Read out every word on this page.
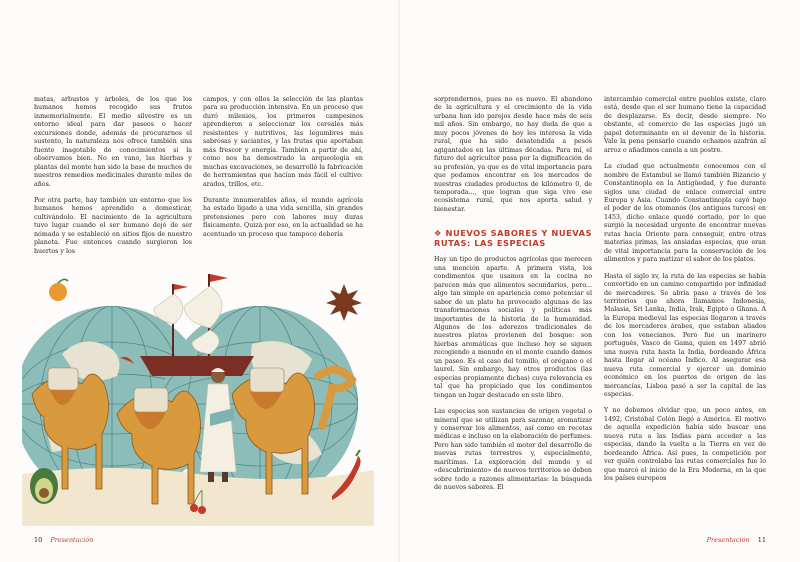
matas, arbustos y árboles, de los que los humanos hemos recogido sus frutos inmemorialmente. El medio silvestre es un entorno ideal para dar paseos o hacer excursiones donde, además de procurarnos el sustento, la naturaleza nos ofrece también una fuente inagotable de conocimientos si la observamos bien. No en vano, las hierbas y plantas del monte han sido la base de muchos de nuestros remedios medicinales durante miles de años.

Por otra parte, hay también un entorno que los humanos hemos aprendido a domesticar, cultivándolo. El nacimiento de la agricultura tuvo lugar cuando el ser humano dejó de ser nómada y se estableció en sitios fijos de nuestro planeta. Fue entonces cuando surgieron los huertos y los

campos, y con ellos la selección de las plantas para su producción intensiva. En un proceso que duró milenios, los primeros campesinos aprendieron a seleccionar los cereales más resistentes y nutritivos, las legumbres más sabrosas y saciantes, y las frutas que aportaban más frescor y energía. También a partir de ahí, como nos ha demostrado la arqueología en muchas excavaciones, se desarrolló la fabricación de herramientas que hacían más fácil el cultivo: arados, trillos, etc.

Durante innumerables años, el mundo agrícola ha estado ligado a una vida sencilla, sin grandes pretensiones pero con labores muy duras físicamente. Quizá por eso, en la actualidad se ha acentuado un proceso que tampoco debería

10 Presentación

sorprendernos, pues no es nuevo. El abandono de la agricultura y el crecimiento de la vida urbana han ido parejos desde hace más de seis mil años. Sin embargo, no hay duda de que a muy pocos jóvenes de hoy les interesa la vida rural, que ha sido desatendida a pesos agigantados en las últimas décadas. Para mí, el futuro del agricultor pasa por la dignificación de su profesión, ya que es de vital importancia para que podamos encontrar en los mercados de nuestras ciudades productos de kilómetro 0, de temporada..., que logran que siga vivo ese ecosistema rural, que nos aporta salud y bienestar.

❖ NUEVOS SABORES Y NUEVAS RUTAS: LAS ESPECIAS

Hay un tipo de productos agrícolas que merecen una mención aparte. A primera vista, los condimentos que usamos en la cocina no parecen más que alimentos secundarios, pero... algo tan simple en apariencia como potenciar el sabor de un plato ha provocado algunas de las transformaciones sociales y políticas más importantes de la historia de la humanidad. Algunos de los aderezos tradicionales de nuestros platos provienen del bosque: son hierbas aromáticas que incluso hoy se siguen recogiendo a menudo en el monte cuando damos un paseo. Es el caso del tomillo, el orégano o el laurel. Sin embargo, hay otros productos (las especias propiamente dichas) cuya relevancia es tal que ha propiciado que los condimentos tengan un lugar destacado en este libro.

Las especias son sustancias de origen vegetal o mineral que se utilizan para sazonar, aromatizar y conservar los alimentos, así como en recetas médicas e incluso en la elaboración de perfumes. Pero han sido también el motor del desarrollo de nuevas rutas terrestres y, especialmente, marítimas. La exploración del mundo y el «descubrimiento» de nuevos territorios se deben sobre todo a razones alimentarias: la búsqueda de nuevos sabores. El

intercambio comercial entre pueblos existe, claro está, desde que el ser humano tiene la capacidad de desplazarse. Es decir, desde siempre. No obstante, el comercio de las especias jugó un papel determinante en el devenir de la historia. Vale la pena pensarlo cuando echamos azafrán al arroz o añadimos canela a un postre.

La ciudad que actualmente conocemos con el nombre de Estambul se llamó también Bizancio y Constantinopla en la Antigüedad, y fue durante siglos una ciudad de enlace comercial entre Europa y Asia. Cuando Constantinopla cayó bajo el poder de los otomanos (los antiguos turcos) en 1453, dicho enlace quedó cortado, por lo que surgió la necesidad urgente de encontrar nuevas rutas hacia Oriente para conseguir, entre otras materias primas, las ansiadas especias, que eran de vital importancia para la conservación de los alimentos y para matizar el sabor de los platos.

Hasta el siglo xv, la ruta de las especias se había convertido en un camino compartido por infinidad de mercaderes. Se abría paso a través de los territorios que ahora llamamos Indonesia, Malasia, Sri Lanka, India, Irak, Egipto o Ghana. A la Europa medieval las especias llegaron a través de los mercaderes árabes, que estaban aliados con los venecianos. Pero fue un marinero portugués, Vasco de Gama, quien en 1497 abrió una nueva ruta hasta la India, bordeando África hasta llegar al océano Índico. Al asegurar esa nueva ruta comercial y ejercer un dominio económico en los puertos de origen de las mercancías, Lisboa pasó a ser la capital de las especias.

Y no debemos olvidar que, un poco antes, en 1492, Cristóbal Colón llegó a América. El motivo de aquella expedición había sido buscar una nueva ruta a las Indias para acceder a las especias, dando la vuelta a la Tierra en vez de bordeando África. Así pues, la competición por ver quién controlaba las rutas comerciales fue lo que marcó el inicio de la Era Moderna, en la que los países europeos

Presentación 11
